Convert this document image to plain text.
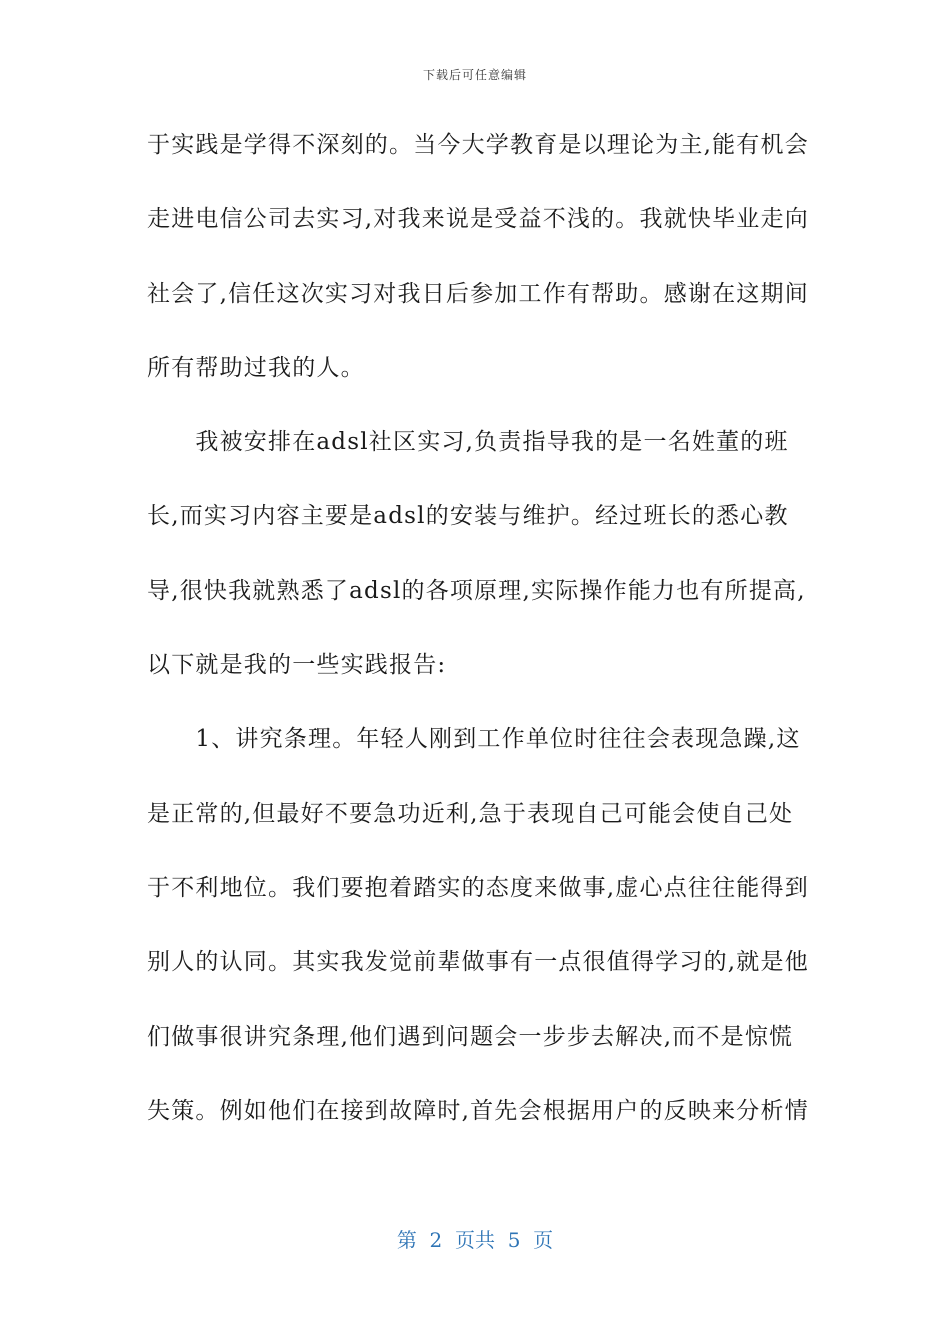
下载后可任意编辑
于实践是学得不深刻的。当今大学教育是以理论为主,能有机会
走进电信公司去实习,对我来说是受益不浅的。我就快毕业走向
社会了,信任这次实习对我日后参加工作有帮助。感谢在这期间
所有帮助过我的人。
　　我被安排在adsl社区实习,负责指导我的是一名姓董的班
长,而实习内容主要是adsl的安装与维护。经过班长的悉心教
导,很快我就熟悉了adsl的各项原理,实际操作能力也有所提高,
以下就是我的一些实践报告:
　　1、讲究条理。年轻人刚到工作单位时往往会表现急躁,这
是正常的,但最好不要急功近利,急于表现自己可能会使自己处
于不利地位。我们要抱着踏实的态度来做事,虚心点往往能得到
别人的认同。其实我发觉前辈做事有一点很值得学习的,就是他
们做事很讲究条理,他们遇到问题会一步步去解决,而不是惊慌
失策。例如他们在接到故障时,首先会根据用户的反映来分析情
第  2  页共  5  页
